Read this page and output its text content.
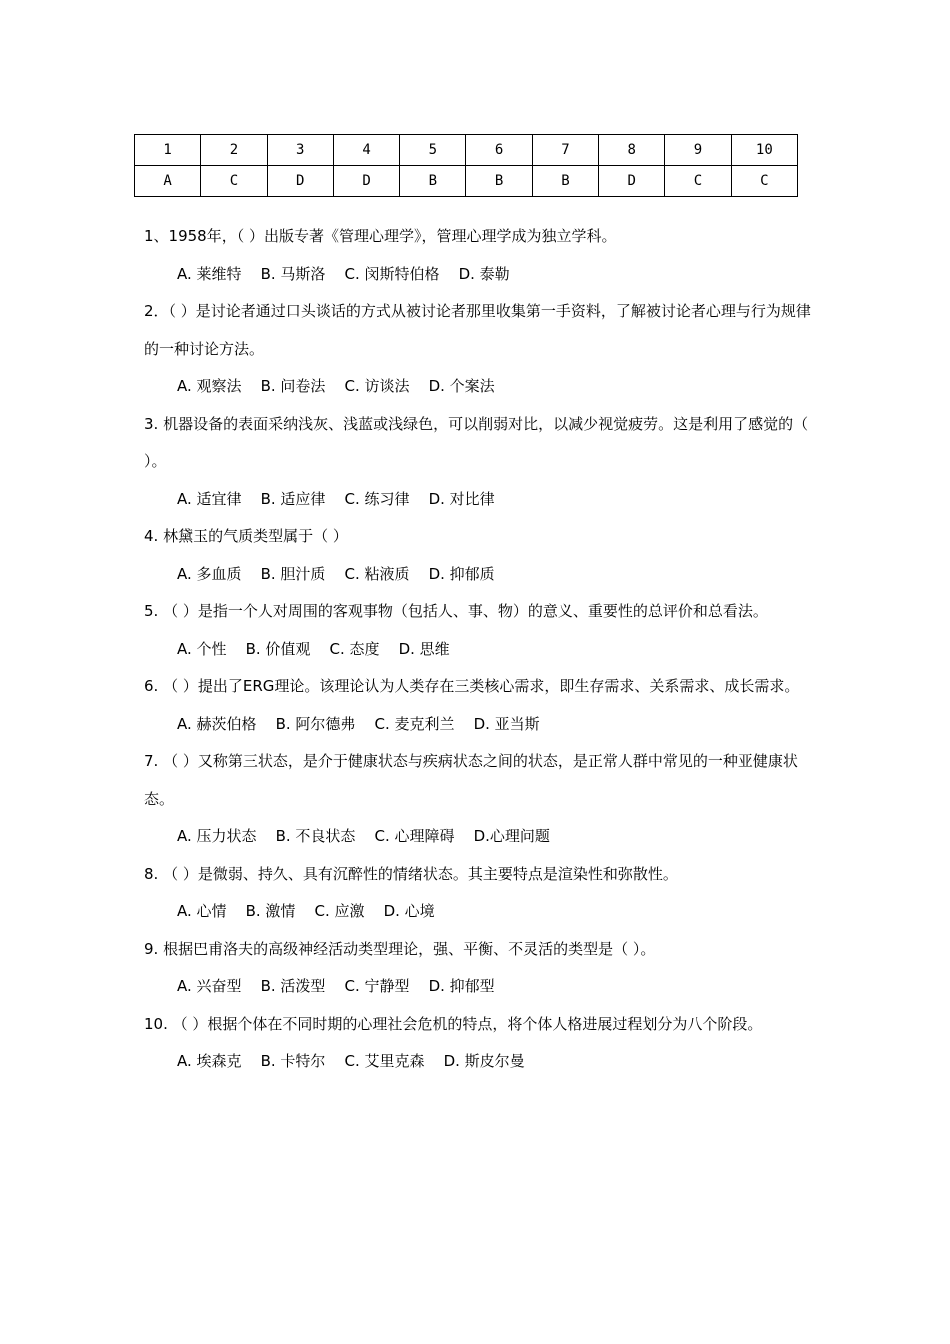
1	2	3	4	5	6	7	8	9	10
A	C	D	D	B	B	B	D	C	C

1、1958年，（ ）出版专著《管理心理学》，管理心理学成为独立学科。

A. 莱维特    B. 马斯洛    C. 闵斯特伯格    D. 泰勒

2．（ ）是讨论者通过口头谈话的方式从被讨论者那里收集第一手资料，了解被讨论者心理与行为规律的一种讨论方法。

A. 观察法    B. 问卷法    C. 访谈法    D. 个案法

3. 机器设备的表面采纳浅灰、浅蓝或浅绿色，可以削弱对比，以减少视觉疲劳。这是利用了感觉的（ ）。

A. 适宜律    B. 适应律    C. 练习律    D. 对比律

4. 林黛玉的气质类型属于（ ）

A. 多血质    B. 胆汁质    C. 粘液质    D. 抑郁质

5. （ ）是指一个人对周围的客观事物（包括人、事、物）的意义、重要性的总评价和总看法。

A. 个性    B. 价值观    C. 态度    D. 思维

6. （ ）提出了ERG理论。该理论认为人类存在三类核心需求，即生存需求、关系需求、成长需求。

A. 赫茨伯格    B. 阿尔德弗    C. 麦克利兰    D. 亚当斯

7. （ ）又称第三状态，是介于健康状态与疾病状态之间的状态，是正常人群中常见的一种亚健康状态。

A. 压力状态    B. 不良状态    C. 心理障碍    D.心理问题

8. （ ）是微弱、持久、具有沉醉性的情绪状态。其主要特点是渲染性和弥散性。

A. 心情    B. 激情    C. 应激    D. 心境

9. 根据巴甫洛夫的高级神经活动类型理论，强、平衡、不灵活的类型是（ ）。

A. 兴奋型    B. 活泼型    C. 宁静型    D. 抑郁型

10. （ ）根据个体在不同时期的心理社会危机的特点，将个体人格进展过程划分为八个阶段。

A. 埃森克    B. 卡特尔    C. 艾里克森    D. 斯皮尔曼
